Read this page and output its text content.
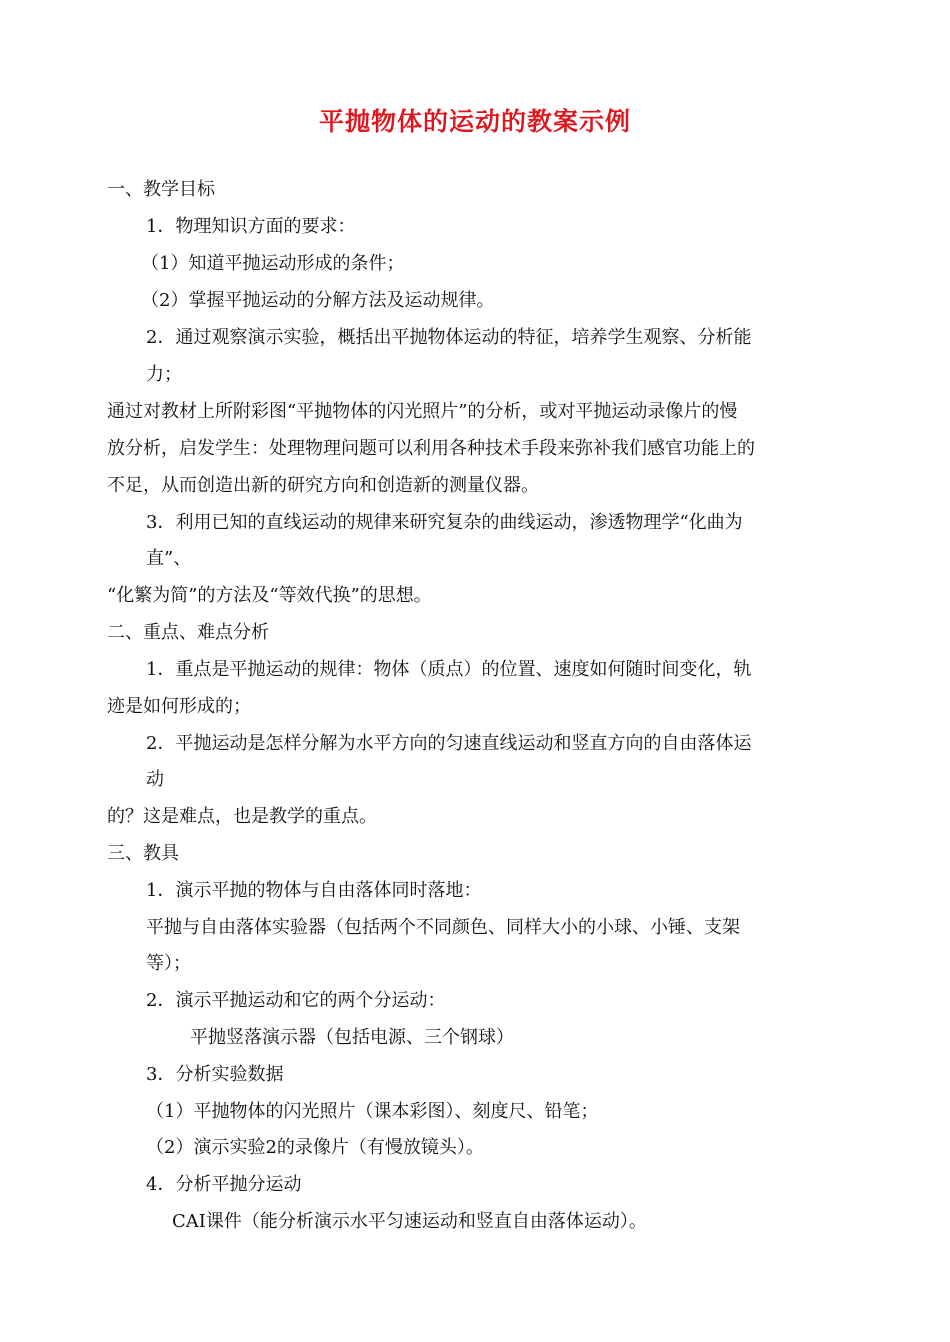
平抛物体的运动的教案示例
一、教学目标
1．物理知识方面的要求：
（1）知道平抛运动形成的条件；
（2）掌握平抛运动的分解方法及运动规律。
2．通过观察演示实验，概括出平抛物体运动的特征，培养学生观察、分析能
力；
通过对教材上所附彩图“平抛物体的闪光照片”的分析，或对平抛运动录像片的慢
放分析，启发学生：处理物理问题可以利用各种技术手段来弥补我们感官功能上的
不足，从而创造出新的研究方向和创造新的测量仪器。
3．利用已知的直线运动的规律来研究复杂的曲线运动，渗透物理学“化曲为
直”、
“化繁为简”的方法及“等效代换”的思想。
二、重点、难点分析
1．重点是平抛运动的规律：物体（质点）的位置、速度如何随时间变化，轨
迹是如何形成的；
2．平抛运动是怎样分解为水平方向的匀速直线运动和竖直方向的自由落体运
动
的？这是难点，也是教学的重点。
三、教具
1．演示平抛的物体与自由落体同时落地：
平抛与自由落体实验器（包括两个不同颜色、同样大小的小球、小锤、支架
等）；
2．演示平抛运动和它的两个分运动：
平抛竖落演示器（包括电源、三个钢球）
3．分析实验数据
（1）平抛物体的闪光照片（课本彩图）、刻度尺、铅笔；
（2）演示实验2的录像片（有慢放镜头）。
4．分析平抛分运动
CAI课件（能分析演示水平匀速运动和竖直自由落体运动）。
